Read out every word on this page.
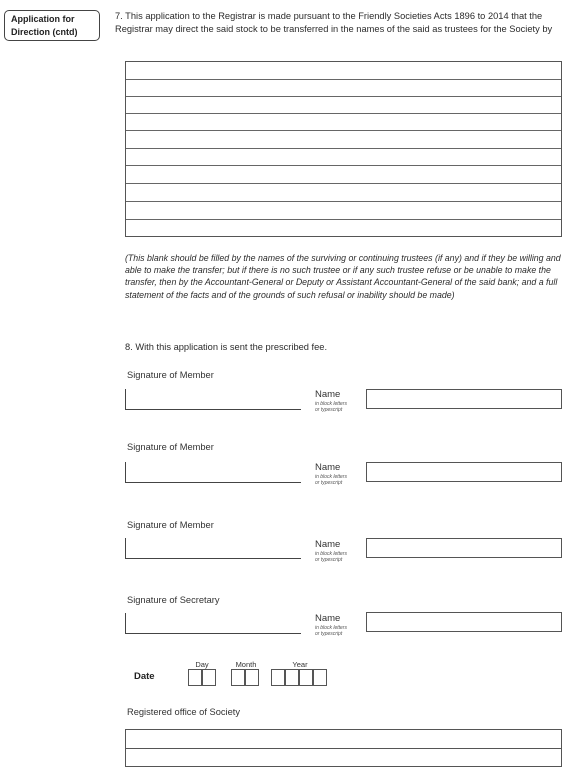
Application for
Direction (cntd)
7. This application to the Registrar is made pursuant to the Friendly Societies Acts 1896 to 2014 that the Registrar may direct the said stock to be transferred in the names of the said as trustees for the Society by
(This blank should be filled by the names of the surviving or continuing trustees (if any) and if they be willing and able to make the transfer; but if there is no such trustee or if any such trustee refuse or be unable to make the transfer, then by the Accountant-General or Deputy or Assistant Accountant-General of the said bank; and a full statement of the facts and of the grounds of such refusal or inability should be made)
8. With this application is sent the prescribed fee.
Signature of Member
Name
in block letters
or typescript
Signature of Member
Name
in block letters
or typescript
Signature of Member
Name
in block letters
or typescript
Signature of Secretary
Name
in block letters
or typescript
Date
Day	Month	Year
Registered office of Society
